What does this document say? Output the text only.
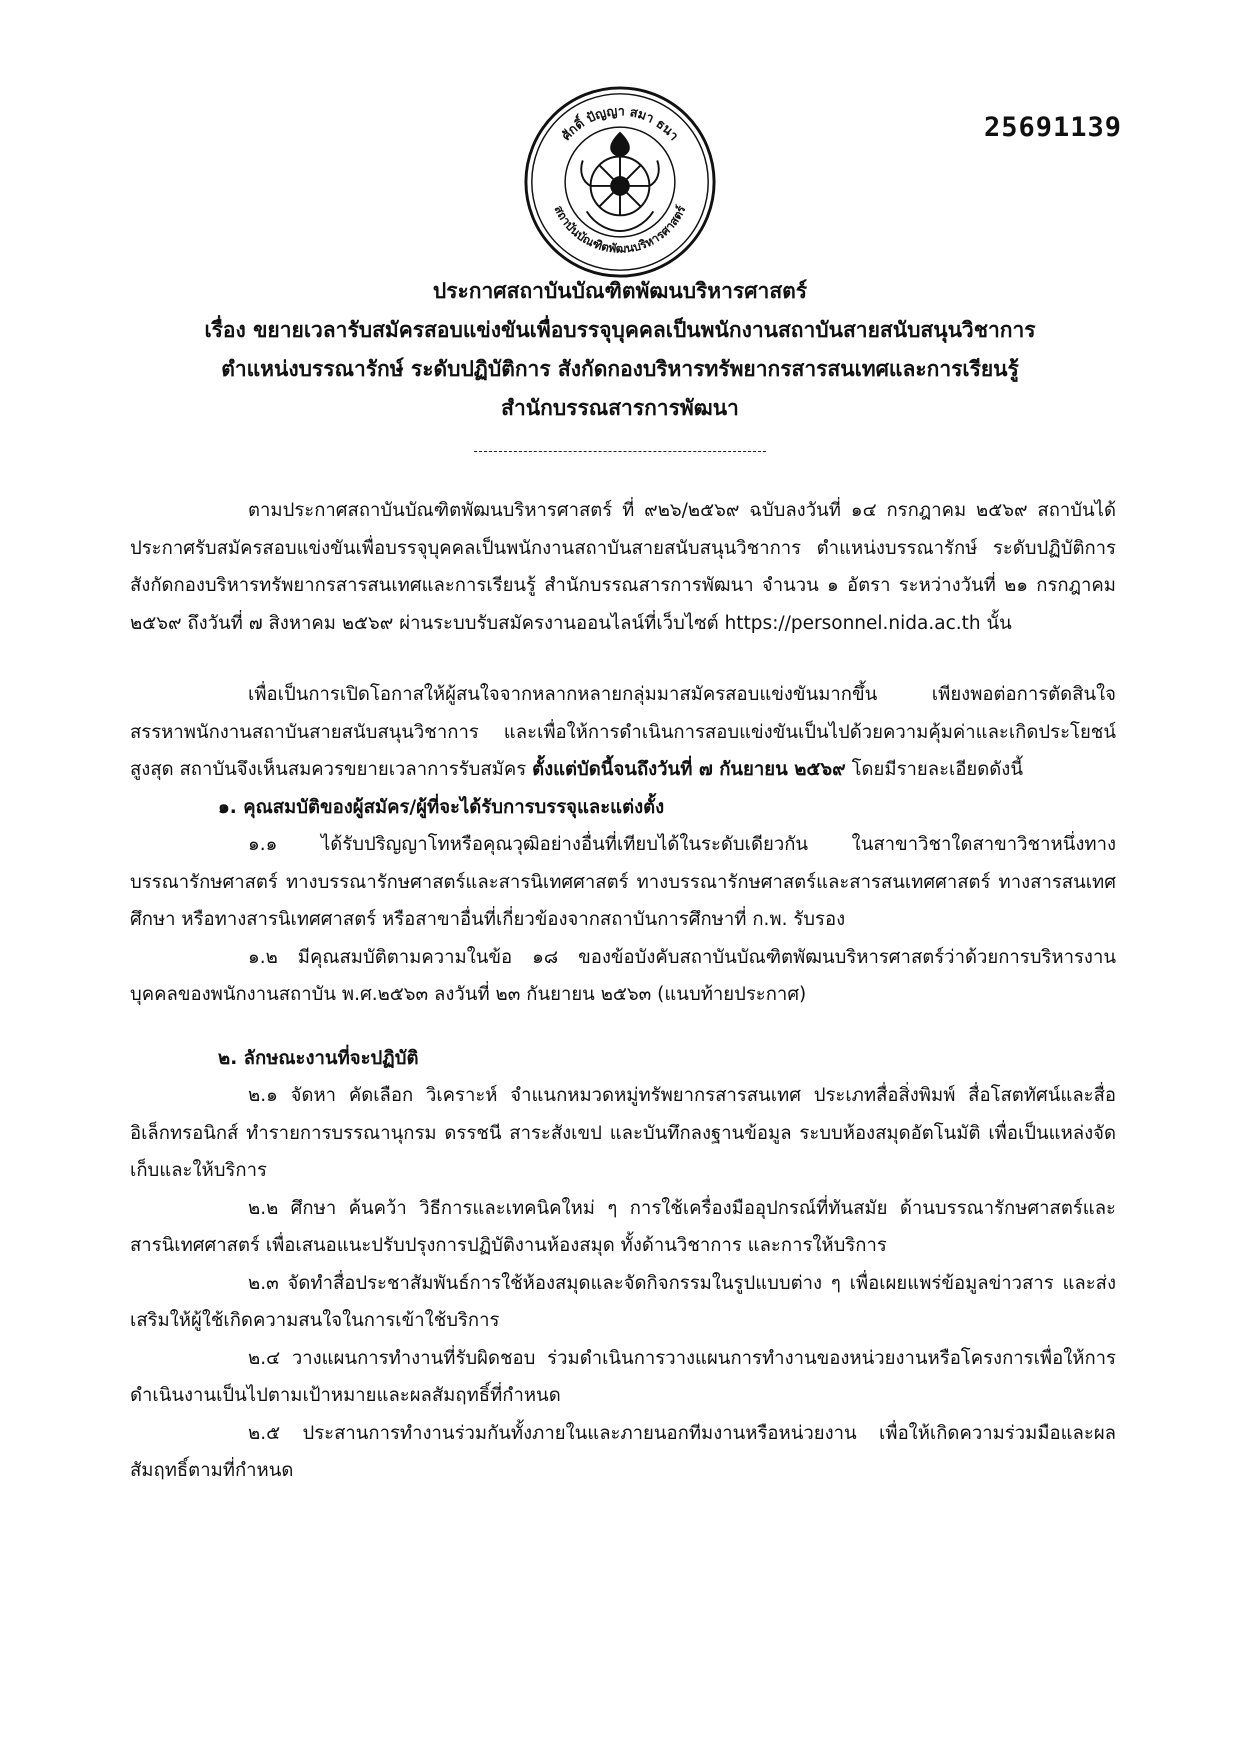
25691139
ศักดิ์ ปัญญา สมา ธนา
สถาบันบัณฑิตพัฒนบริหารศาสตร์
ประกาศสถาบันบัณฑิตพัฒนบริหารศาสตร์
เรื่อง ขยายเวลารับสมัครสอบแข่งขันเพื่อบรรจุบุคคลเป็นพนักงานสถาบันสายสนับสนุนวิชาการ
ตำแหน่งบรรณารักษ์ ระดับปฏิบัติการ สังกัดกองบริหารทรัพยากรสารสนเทศและการเรียนรู้
สำนักบรรณสารการพัฒนา
ตามประกาศสถาบันบัณฑิตพัฒนบริหารศาสตร์ ที่ ๙๒๖/๒๕๖๙ ฉบับลงวันที่ ๑๔ กรกฎาคม ๒๕๖๙ สถาบันได้ประกาศรับสมัครสอบแข่งขันเพื่อบรรจุบุคคลเป็นพนักงานสถาบันสายสนับสนุนวิชาการ ตำแหน่งบรรณารักษ์ ระดับปฏิบัติการ สังกัดกองบริหารทรัพยากรสารสนเทศและการเรียนรู้ สำนักบรรณสารการพัฒนา จำนวน ๑ อัตรา ระหว่างวันที่ ๒๑ กรกฎาคม ๒๕๖๙ ถึงวันที่ ๗ สิงหาคม ๒๕๖๙ ผ่านระบบรับสมัครงานออนไลน์ที่เว็บไซต์ https://personnel.nida.ac.th นั้น
เพื่อเป็นการเปิดโอกาสให้ผู้สนใจจากหลากหลายกลุ่มมาสมัครสอบแข่งขันมากขึ้น เพียงพอต่อการตัดสินใจสรรหาพนักงานสถาบันสายสนับสนุนวิชาการ และเพื่อให้การดำเนินการสอบแข่งขันเป็นไปด้วยความคุ้มค่าและเกิดประโยชน์สูงสุด สถาบันจึงเห็นสมควรขยายเวลาการรับสมัคร ตั้งแต่บัดนี้จนถึงวันที่ ๗ กันยายน ๒๕๖๙ โดยมีรายละเอียดดังนี้
๑. คุณสมบัติของผู้สมัคร/ผู้ที่จะได้รับการบรรจุและแต่งตั้ง
๑.๑ ได้รับปริญญาโทหรือคุณวุฒิอย่างอื่นที่เทียบได้ในระดับเดียวกัน ในสาขาวิชาใดสาขาวิชาหนึ่งทางบรรณารักษศาสตร์ ทางบรรณารักษศาสตร์และสารนิเทศศาสตร์ ทางบรรณารักษศาสตร์และสารสนเทศศาสตร์ ทางสารสนเทศศึกษา หรือทางสารนิเทศศาสตร์ หรือสาขาอื่นที่เกี่ยวข้องจากสถาบันการศึกษาที่ ก.พ. รับรอง
๑.๒ มีคุณสมบัติตามความในข้อ ๑๘ ของข้อบังคับสถาบันบัณฑิตพัฒนบริหารศาสตร์ว่าด้วยการบริหารงานบุคคลของพนักงานสถาบัน พ.ศ.๒๕๖๓ ลงวันที่ ๒๓ กันยายน ๒๕๖๓ (แนบท้ายประกาศ)
๒. ลักษณะงานที่จะปฏิบัติ
๒.๑ จัดหา คัดเลือก วิเคราะห์ จำแนกหมวดหมู่ทรัพยากรสารสนเทศ ประเภทสื่อสิ่งพิมพ์ สื่อโสตทัศน์และสื่ออิเล็กทรอนิกส์ ทำรายการบรรณานุกรม ดรรชนี สาระสังเขป และบันทึกลงฐานข้อมูล ระบบห้องสมุดอัตโนมัติ เพื่อเป็นแหล่งจัดเก็บและให้บริการ
๒.๒ ศึกษา ค้นคว้า วิธีการและเทคนิคใหม่ ๆ การใช้เครื่องมืออุปกรณ์ที่ทันสมัย ด้านบรรณารักษศาสตร์และสารนิเทศศาสตร์ เพื่อเสนอแนะปรับปรุงการปฏิบัติงานห้องสมุด ทั้งด้านวิชาการ และการให้บริการ
๒.๓ จัดทำสื่อประชาสัมพันธ์การใช้ห้องสมุดและจัดกิจกรรมในรูปแบบต่าง ๆ เพื่อเผยแพร่ข้อมูลข่าวสาร และส่งเสริมให้ผู้ใช้เกิดความสนใจในการเข้าใช้บริการ
๒.๔ วางแผนการทำงานที่รับผิดชอบ ร่วมดำเนินการวางแผนการทำงานของหน่วยงานหรือโครงการเพื่อให้การดำเนินงานเป็นไปตามเป้าหมายและผลสัมฤทธิ์ที่กำหนด
๒.๕ ประสานการทำงานร่วมกันทั้งภายในและภายนอกทีมงานหรือหน่วยงาน เพื่อให้เกิดความร่วมมือและผลสัมฤทธิ์ตามที่กำหนด
